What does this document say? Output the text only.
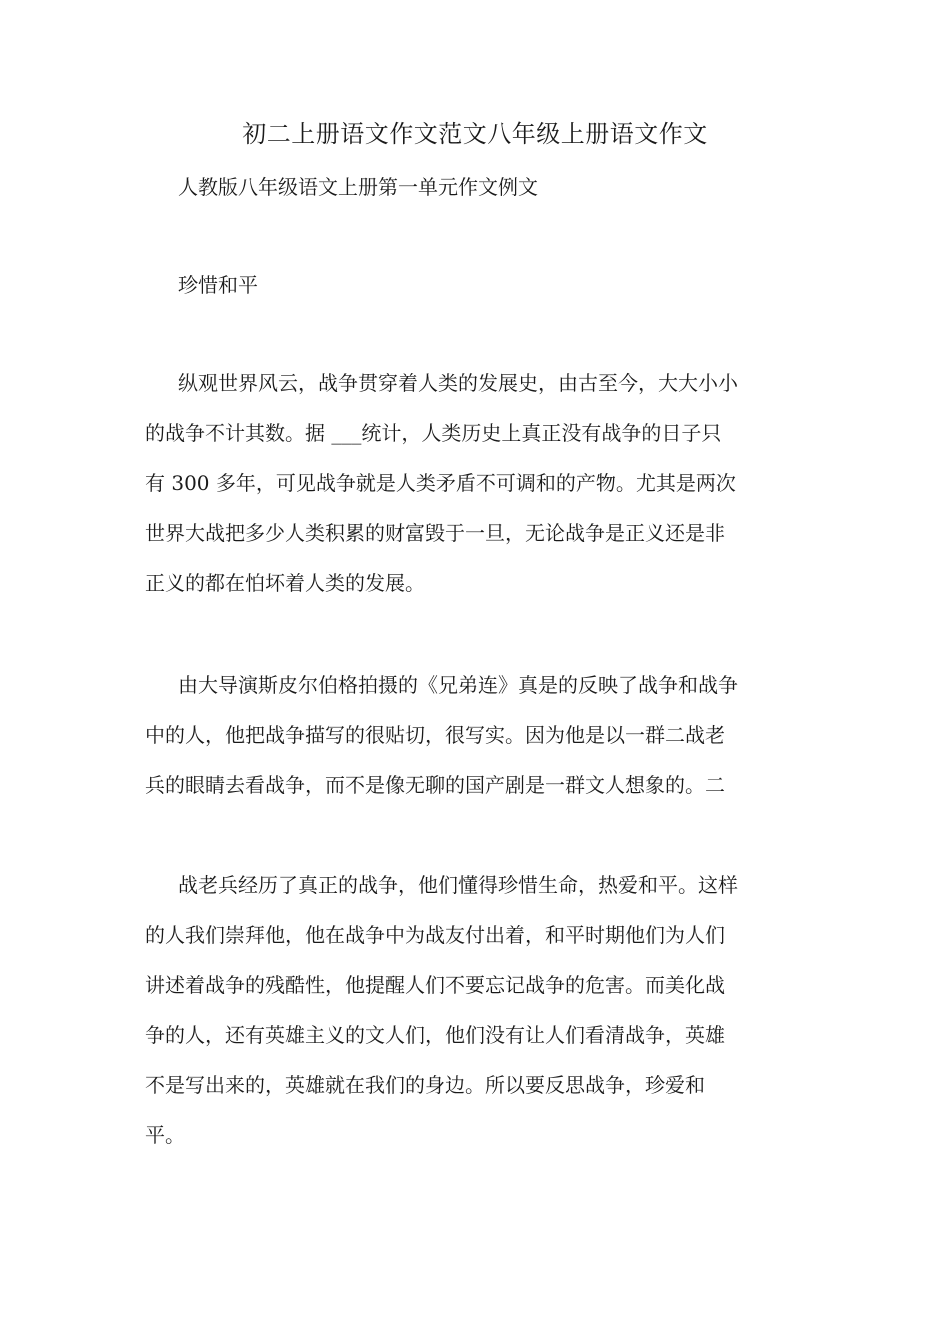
初二上册语文作文范文八年级上册语文作文
人教版八年级语文上册第一单元作文例文
珍惜和平
纵观世界风云，战争贯穿着人类的发展史，由古至今，大大小小
的战争不计其数。据 ___统计，人类历史上真正没有战争的日子只
有 300 多年，可见战争就是人类矛盾不可调和的产物。尤其是两次
世界大战把多少人类积累的财富毁于一旦，无论战争是正义还是非
正义的都在怕坏着人类的发展。
由大导演斯皮尔伯格拍摄的《兄弟连》真是的反映了战争和战争
中的人，他把战争描写的很贴切，很写实。因为他是以一群二战老
兵的眼睛去看战争，而不是像无聊的国产剧是一群文人想象的。二
战老兵经历了真正的战争，他们懂得珍惜生命，热爱和平。这样
的人我们崇拜他，他在战争中为战友付出着，和平时期他们为人们
讲述着战争的残酷性，他提醒人们不要忘记战争的危害。而美化战
争的人，还有英雄主义的文人们，他们没有让人们看清战争，英雄
不是写出来的，英雄就在我们的身边。所以要反思战争，珍爱和
平。
